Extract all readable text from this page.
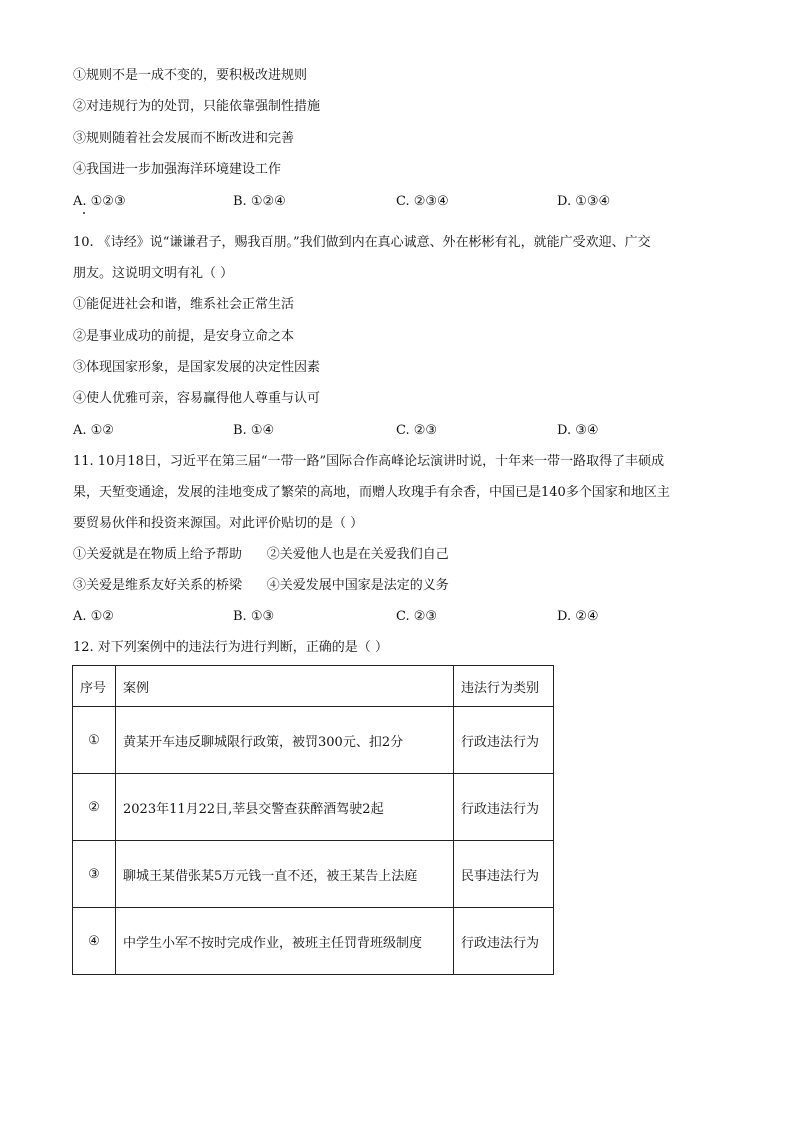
①规则不是一成不变的，要积极改进规则
②对违规行为的处罚，只能依靠强制性措施
③规则随着社会发展而不断改进和完善
④我国进一步加强海洋环境建设工作
A. ①②③	B. ①②④	C. ②③④	D. ①③④
10. 《诗经》说“谦谦君子，赐我百朋。”我们做到内在真心诚意、外在彬彬有礼，就能广受欢迎、广交
朋友。这说明文明有礼（ ）
①能促进社会和谐，维系社会正常生活
②是事业成功的前提，是安身立命之本
③体现国家形象，是国家发展的决定性因素
④使人优雅可亲，容易赢得他人尊重与认可
A. ①②	B. ①④	C. ②③	D. ③④
11. 10月18日，习近平在第三届“一带一路”国际合作高峰论坛演讲时说，十年来一带一路取得了丰硕成
果，天堑变通途，发展的洼地变成了繁荣的高地，而赠人玫瑰手有余香，中国已是140多个国家和地区主
要贸易伙伴和投资来源国。对此评价贴切的是（ ）
①关爱就是在物质上给予帮助      ②关爱他人也是在关爱我们自己
③关爱是维系友好关系的桥梁      ④关爱发展中国家是法定的义务
A. ①②	B. ①③	C. ②③	D. ②④
12. 对下列案例中的违法行为进行判断，正确的是（ ）
序号	案例	违法行为类别
①	黄某开车违反聊城限行政策，被罚300元、扣2分	行政违法行为
②	2023年11月22日,莘县交警查获醉酒驾驶2起	行政违法行为
③	聊城王某借张某5万元钱一直不还，被王某告上法庭	民事违法行为
④	中学生小军不按时完成作业，被班主任罚背班级制度	行政违法行为
